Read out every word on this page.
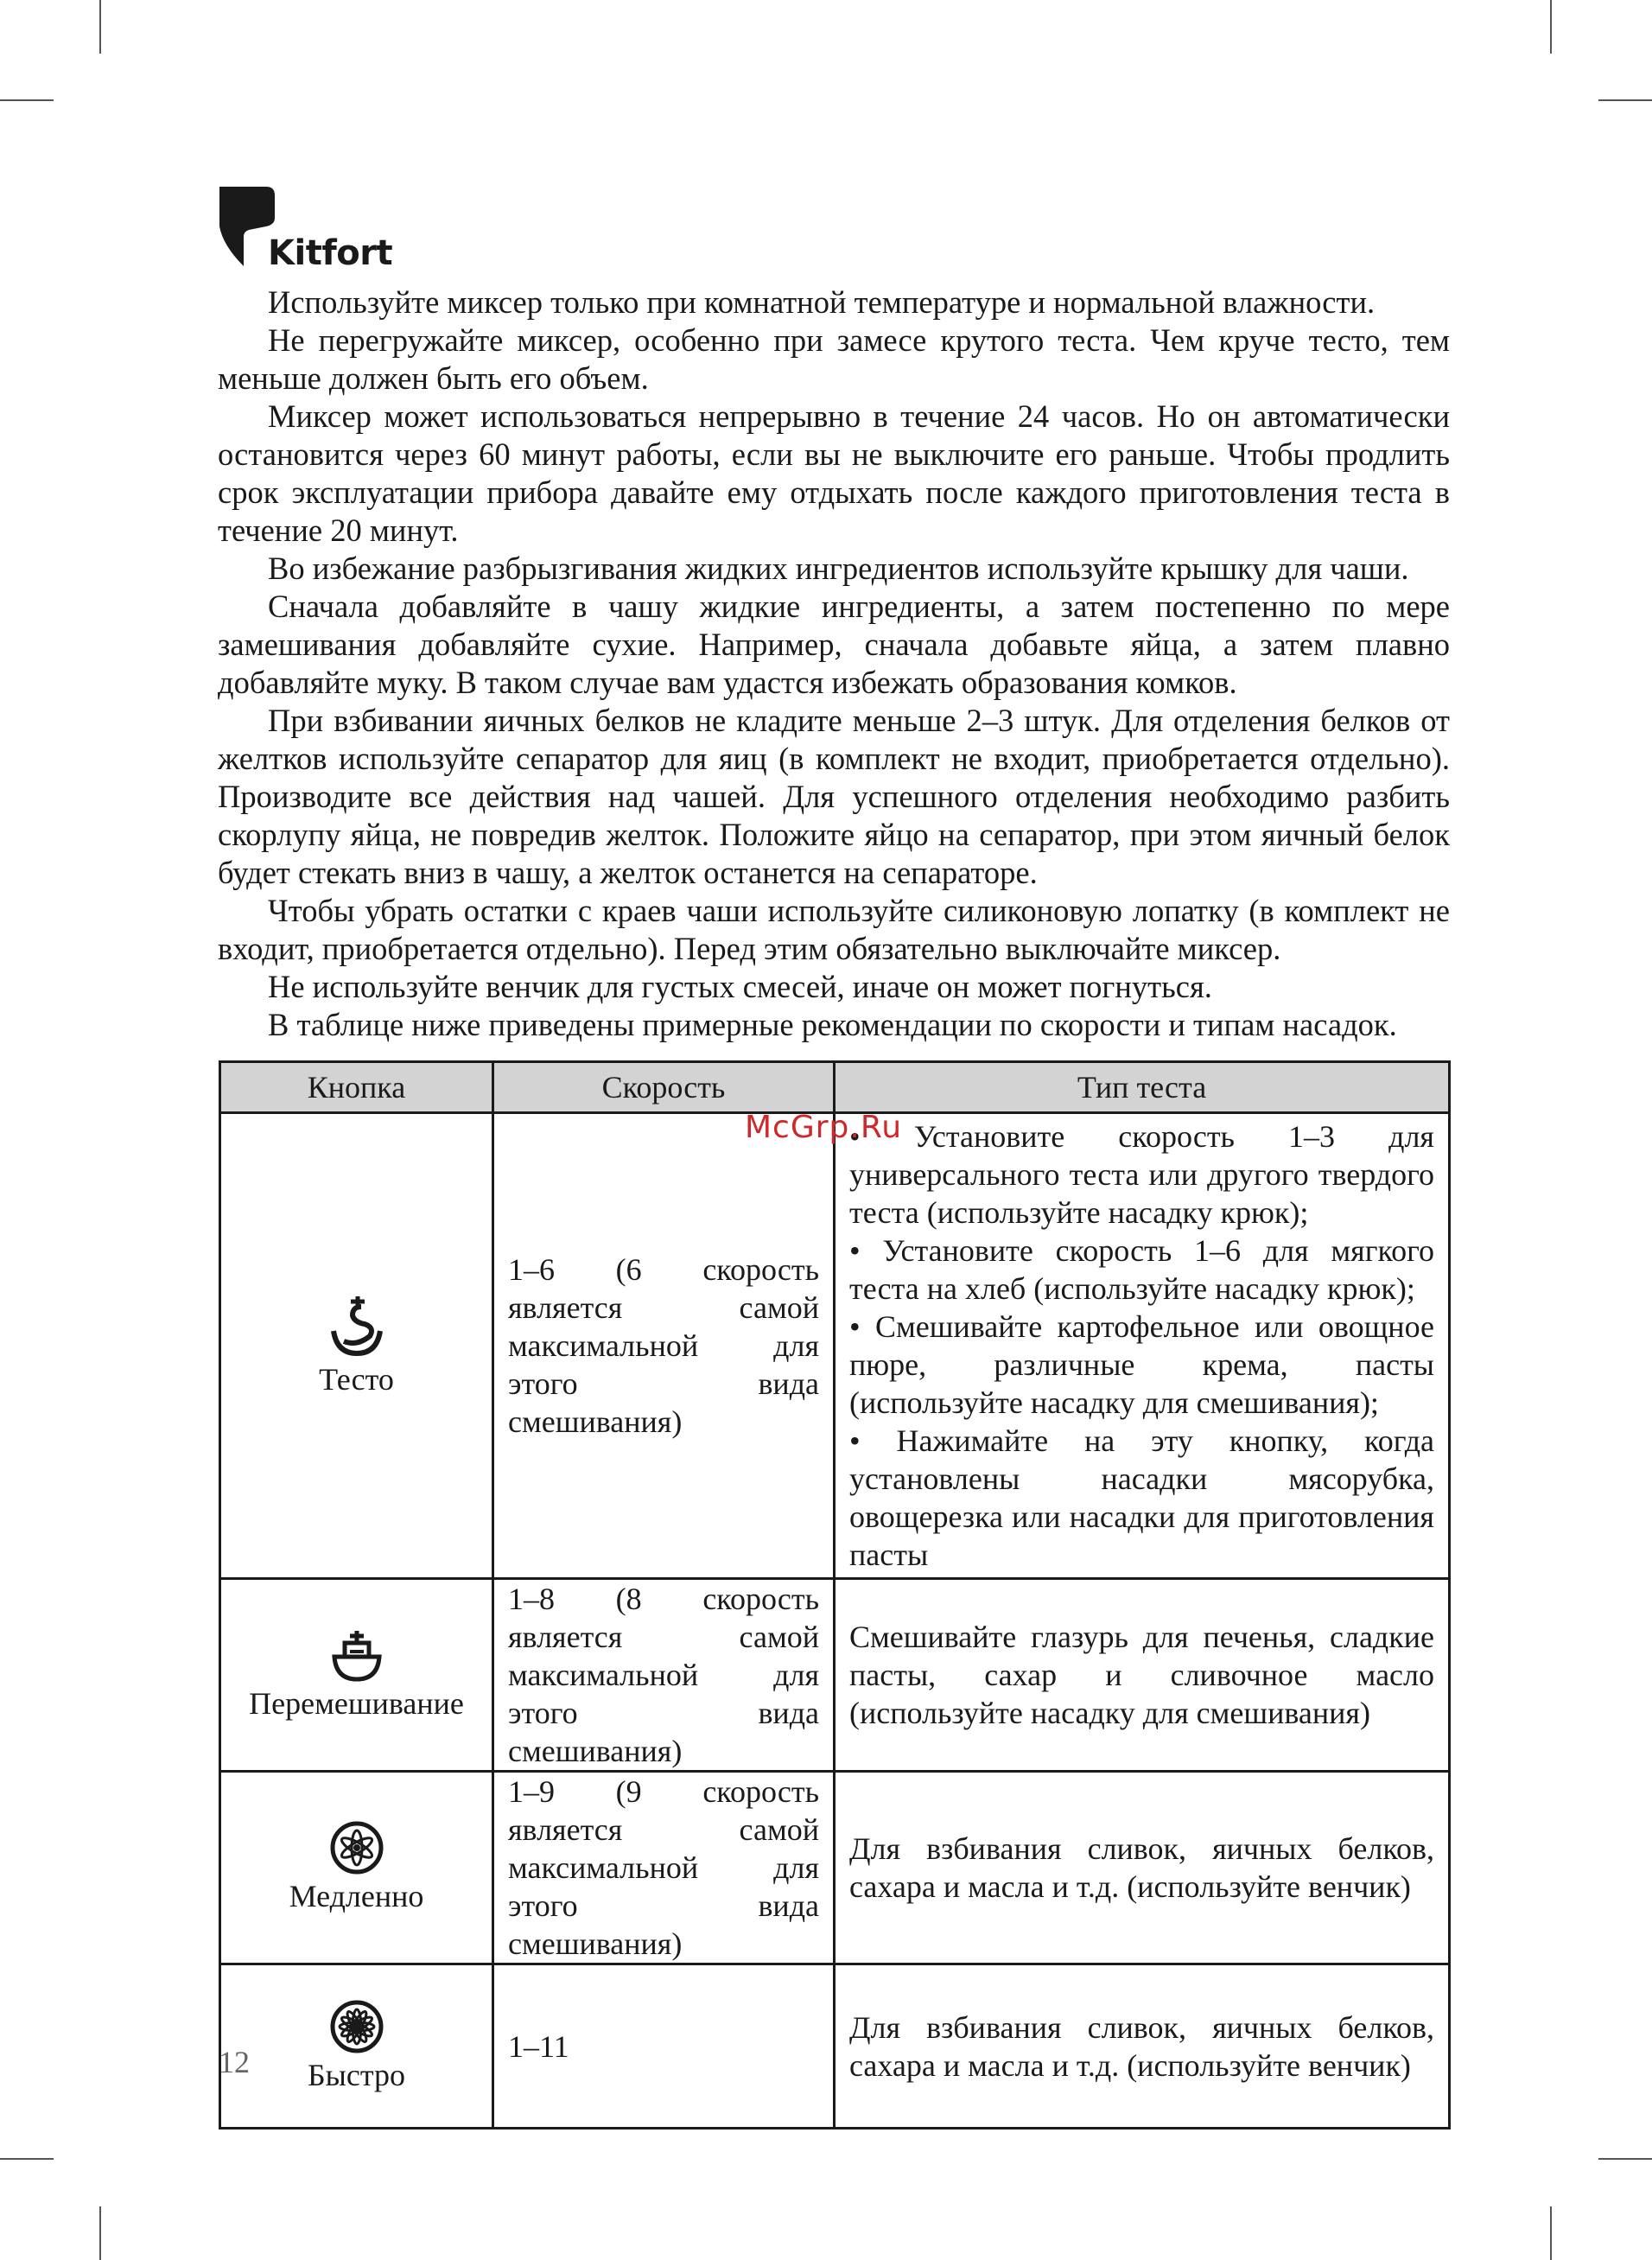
Kitfort

Используйте миксер только при комнатной температуре и нормальной влажности.

Не перегружайте миксер, особенно при замесе крутого теста. Чем круче тесто, тем меньше должен быть его объем.

Миксер может использоваться непрерывно в течение 24 часов. Но он автоматически остановится через 60 минут работы, если вы не выключите его раньше. Чтобы продлить срок эксплуатации прибора давайте ему отдыхать после каждого приготовления теста в течение 20 минут.

Во избежание разбрызгивания жидких ингредиентов используйте крышку для чаши.

Сначала добавляйте в чашу жидкие ингредиенты, а затем постепенно по мере замешивания добавляйте сухие. Например, сначала добавьте яйца, а затем плавно добавляйте муку. В таком случае вам удастся избежать образования комков.

При взбивании яичных белков не кладите меньше 2–3 штук. Для отделения белков от желтков используйте сепаратор для яиц (в комплект не входит, приобретается отдельно). Производите все действия над чашей. Для успешного отделения необходимо разбить скорлупу яйца, не повредив желток. Положите яйцо на сепаратор, при этом яичный белок будет стекать вниз в чашу, а желток останется на сепараторе.

Чтобы убрать остатки с краев чаши используйте силиконовую лопатку (в комплект не входит, приобретается отдельно). Перед этим обязательно выключайте миксер.

Не используйте венчик для густых смесей, иначе он может погнуться.

В таблице ниже приведены примерные рекомендации по скорости и типам насадок.

Кнопка	Скорость	Тип теста

Тесто	1–6 (6 скорость является самой максимальной для этого вида смешивания)	• Установите скорость 1–3 для универсального теста или другого твердого теста (используйте насадку крюк);
• Установите скорость 1–6 для мягкого теста на хлеб (используйте насадку крюк);
• Смешивайте картофельное или овощное пюре, различные крема, пасты (используйте насадку для смешивания);
• Нажимайте на эту кнопку, когда установлены насадки мясорубка, овощерезка или насадки для приготовления пасты

Перемешивание	1–8 (8 скорость является самой максимальной для этого вида смешивания)	Смешивайте глазурь для печенья, сладкие пасты, сахар и сливочное масло (используйте насадку для смешивания)

Медленно	1–9 (9 скорость является самой максимальной для этого вида смешивания)	Для взбивания сливок, яичных белков, сахара и масла и т.д. (используйте венчик)

Быстро	1–11	Для взбивания сливок, яичных белков, сахара и масла и т.д. (используйте венчик)
McGrp.Ru
12
